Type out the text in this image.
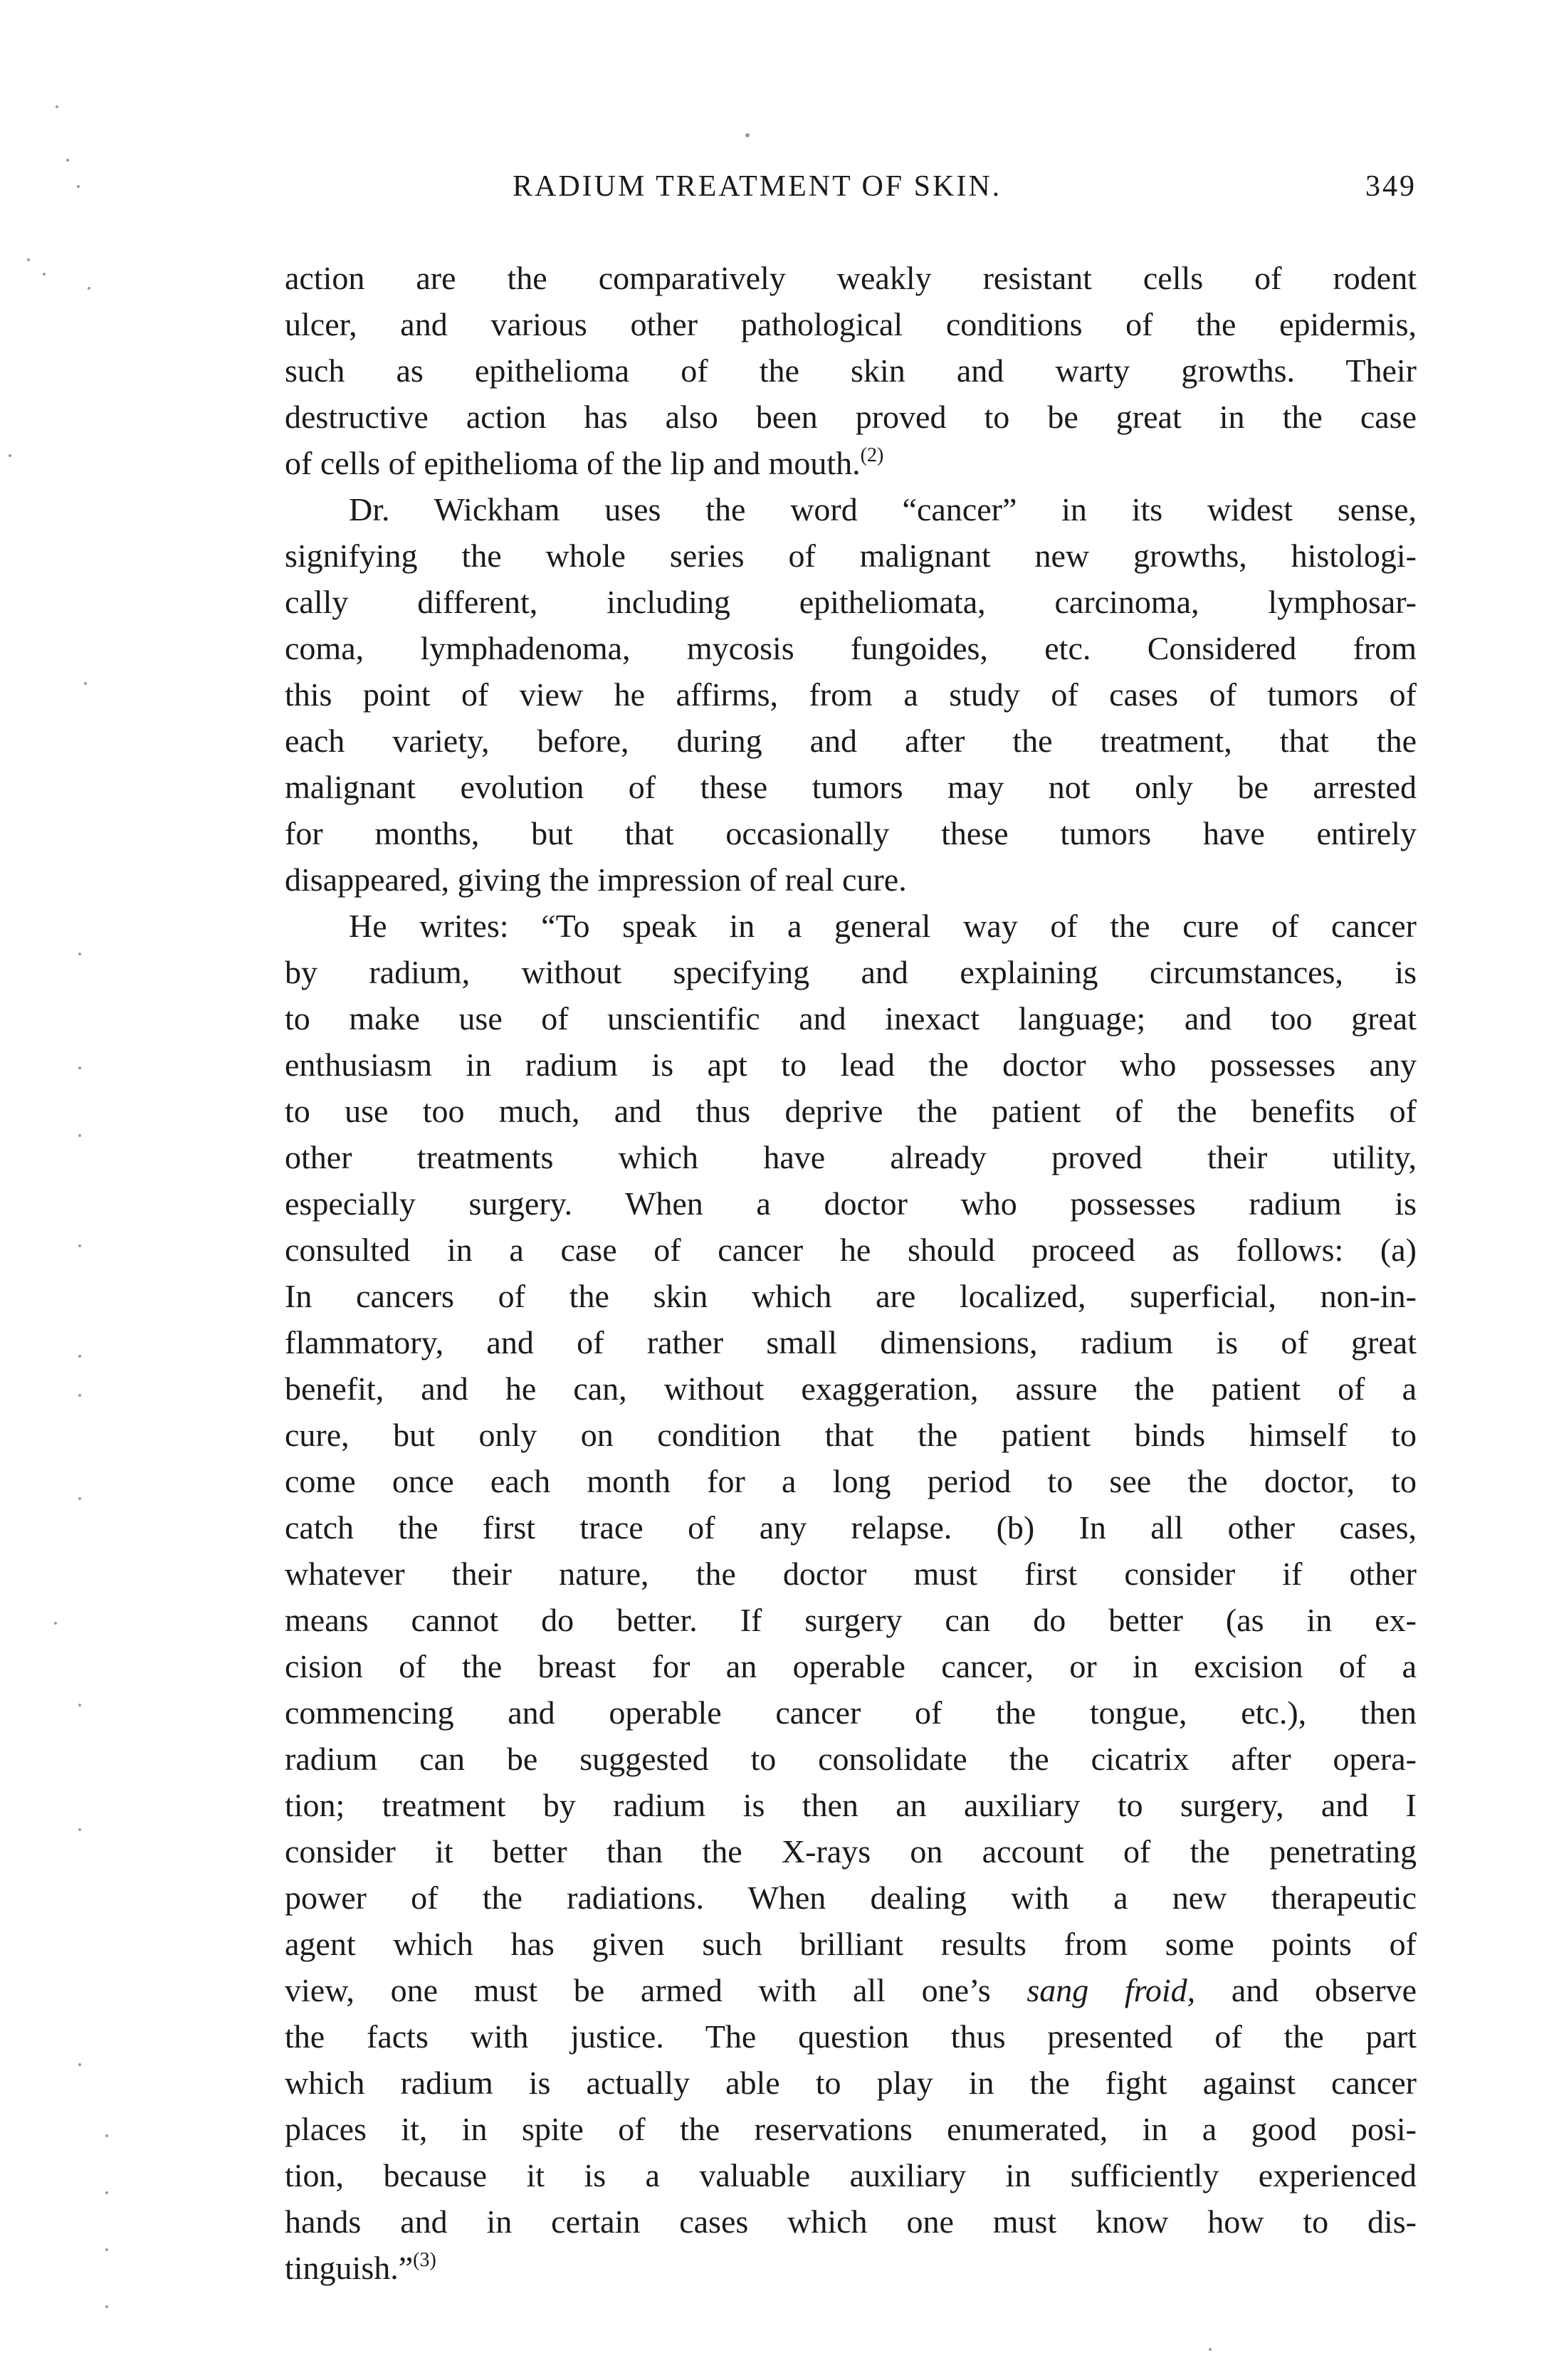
RADIUM TREATMENT OF SKIN.	349

action are the comparatively weakly resistant cells of rodent
ulcer, and various other pathological conditions of the epidermis,
such as epithelioma of the skin and warty growths. Their
destructive action has also been proved to be great in the case
of cells of epithelioma of the lip and mouth.$^{(2)}$

Dr. Wickham uses the word “cancer” in its widest sense,
signifying the whole series of malignant new growths, histologi-
cally different, including epitheliomata, carcinoma, lymphosar-
coma, lymphadenoma, mycosis fungoides, etc. Considered from
this point of view he affirms, from a study of cases of tumors of
each variety, before, during and after the treatment, that the
malignant evolution of these tumors may not only be arrested
for months, but that occasionally these tumors have entirely
disappeared, giving the impression of real cure.

He writes: “To speak in a general way of the cure of cancer
by radium, without specifying and explaining circumstances, is
to make use of unscientific and inexact language; and too great
enthusiasm in radium is apt to lead the doctor who possesses any
to use too much, and thus deprive the patient of the benefits of
other treatments which have already proved their utility,
especially surgery. When a doctor who possesses radium is
consulted in a case of cancer he should proceed as follows: (a)
In cancers of the skin which are localized, superficial, non-in-
flammatory, and of rather small dimensions, radium is of great
benefit, and he can, without exaggeration, assure the patient of a
cure, but only on condition that the patient binds himself to
come once each month for a long period to see the doctor, to
catch the first trace of any relapse. (b) In all other cases,
whatever their nature, the doctor must first consider if other
means cannot do better. If surgery can do better (as in ex-
cision of the breast for an operable cancer, or in excision of a
commencing and operable cancer of the tongue, etc.), then
radium can be suggested to consolidate the cicatrix after opera-
tion; treatment by radium is then an auxiliary to surgery, and I
consider it better than the X-rays on account of the penetrating
power of the radiations. When dealing with a new therapeutic
agent which has given such brilliant results from some points of
view, one must be armed with all one’s sang froid, and observe
the facts with justice. The question thus presented of the part
which radium is actually able to play in the fight against cancer
places it, in spite of the reservations enumerated, in a good posi-
tion, because it is a valuable auxiliary in sufficiently experienced
hands and in certain cases which one must know how to dis-
tinguish.”$^{(3)}$
